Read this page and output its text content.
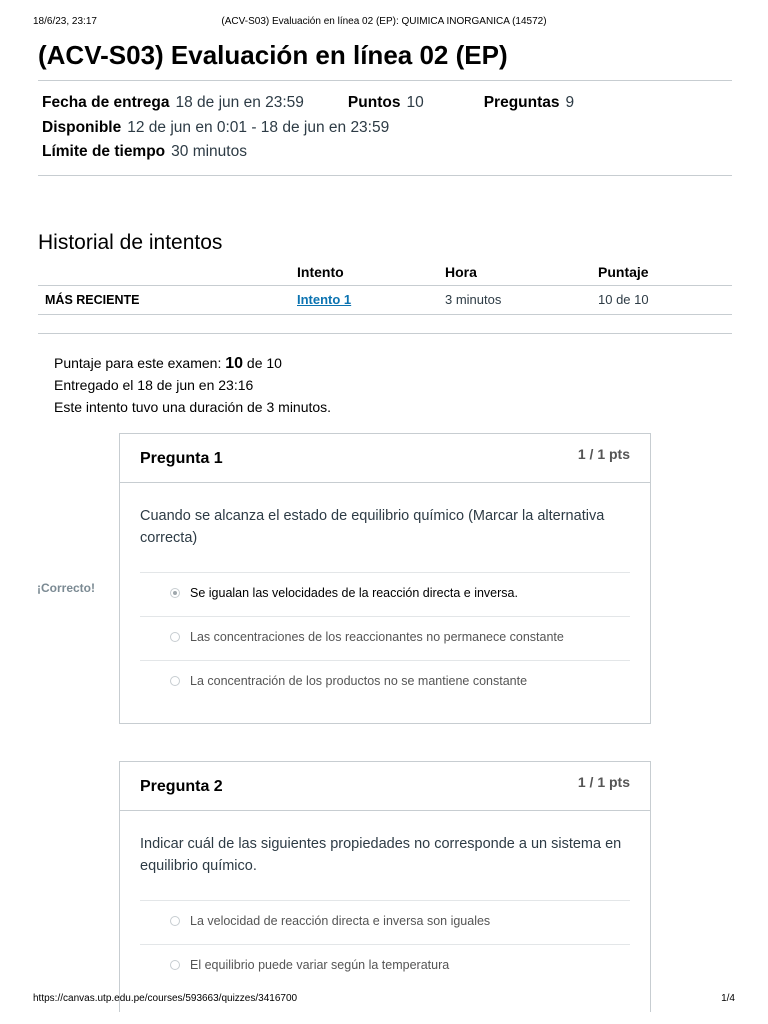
18/6/23, 23:17	(ACV-S03) Evaluación en línea 02 (EP): QUIMICA INORGANICA (14572)
(ACV-S03) Evaluación en línea 02 (EP)
Fecha de entrega 18 de jun en 23:59	Puntos 10	Preguntas 9
Disponible 12 de jun en 0:01 - 18 de jun en 23:59
Límite de tiempo 30 minutos
Historial de intentos
	Intento	Hora	Puntaje
MÁS RECIENTE	Intento 1	3 minutos	10 de 10
Puntaje para este examen: 10 de 10
Entregado el 18 de jun en 23:16
Este intento tuvo una duración de 3 minutos.
Pregunta 1	1 / 1 pts
Cuando se alcanza el estado de equilibrio químico (Marcar la alternativa correcta)
Se igualan las velocidades de la reacción directa e inversa.
Las concentraciones de los reaccionantes no permanece constante
La concentración de los productos no se mantiene constante
¡Correcto!
Pregunta 2	1 / 1 pts
Indicar cuál de las siguientes propiedades no corresponde a un sistema en equilibrio químico.
La velocidad de reacción directa e inversa son iguales
El equilibrio puede variar según la temperatura
https://canvas.utp.edu.pe/courses/593663/quizzes/3416700	1/4
